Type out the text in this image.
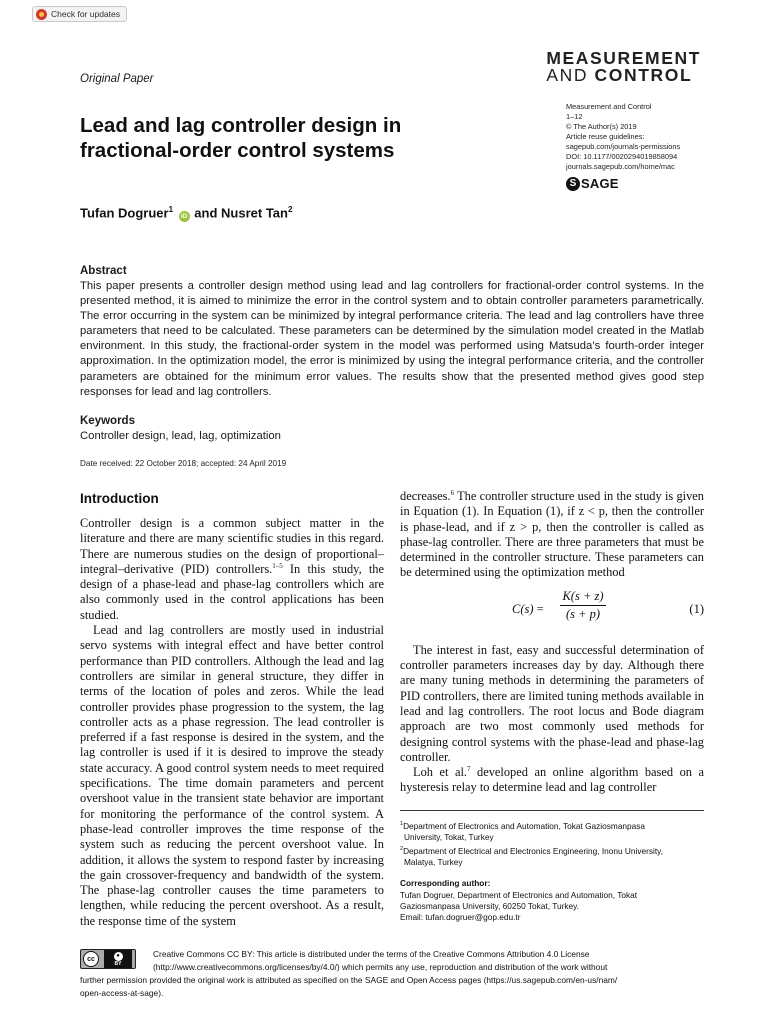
Check for updates
MEASUREMENT
AND CONTROL
Original Paper
Lead and lag controller design in fractional-order control systems
Measurement and Control
1–12
© The Author(s) 2019
Article reuse guidelines:
sagepub.com/journals-permissions
DOI: 10.1177/0020294019858094
journals.sagepub.com/home/mac
S SAGE
Tufan Dogruer$^1$ iD and Nusret Tan$^2$
Abstract

This paper presents a controller design method using lead and lag controllers for fractional-order control systems. In the presented method, it is aimed to minimize the error in the control system and to obtain controller parameters parametrically. The error occurring in the system can be minimized by integral performance criteria. The lead and lag controllers have three parameters that need to be calculated. These parameters can be determined by the simulation model created in the Matlab environment. In this study, the fractional-order system in the model was performed using Matsuda’s fourth-order integer approximation. In the optimization model, the error is minimized by using the integral performance criteria, and the controller parameters are obtained for the minimum error values. The results show that the presented method gives good step responses for lead and lag controllers.

Keywords

Controller design, lead, lag, optimization

Date received: 22 October 2018; accepted: 24 April 2019
Introduction

Controller design is a common subject matter in the literature and there are many scientific studies in this regard. There are numerous studies on the design of proportional–integral–derivative (PID) controllers.$^{1-5}$ In this study, the design of a phase-lead and phase-lag controllers which are also commonly used in the control applications has been studied.

Lead and lag controllers are mostly used in industrial servo systems with integral effect and have better control performance than PID controllers. Although the lead and lag controllers are similar in general structure, they differ in terms of the location of poles and zeros. While the lead controller provides phase progression to the system, the lag controller acts as a phase regression. The lead controller is preferred if a fast response is desired in the system, and the lag controller is used if it is desired to improve the steady state accuracy. A good control system needs to meet required specifications. The time domain parameters and percent overshoot value in the transient state behavior are important for monitoring the performance of the control system. A phase-lead controller improves the time response of the system such as reducing the percent overshoot value. In addition, it allows the system to respond faster by increasing the gain crossover-frequency and bandwidth of the system. The phase-lag controller causes the time parameters to lengthen, while reducing the percent overshoot. As a result, the response time of the system

decreases.$^6$ The controller structure used in the study is given in Equation (1). In Equation (1), if z < p, then the controller is phase-lead, and if z > p, then the controller is called as phase-lag controller. There are three parameters that must be determined in the controller structure. These parameters can be determined using the optimization method

$C(s) = \frac{K(s + z)}{(s + p)}$	(1)

The interest in fast, easy and successful determination of controller parameters increases day by day. Although there are many tuning methods in determining the parameters of PID controllers, there are limited tuning methods available in lead and lag controllers. The root locus and Bode diagram approach are two most commonly used methods for designing control systems with the phase-lead and phase-lag controller.

Loh et al.$^7$ developed an online algorithm based on a hysteresis relay to determine lead and lag controller

$^1$Department of Electronics and Automation, Tokat Gaziosmanpasa
University, Tokat, Turkey
$^2$Department of Electrical and Electronics Engineering, Inonu University,
Malatya, Turkey
Corresponding author:
Tufan Dogruer, Department of Electronics and Automation, Tokat
Gaziosmanpasa University, 60250 Tokat, Turkey.
Email: tufan.dogruer@gop.edu.tr
cc	●
BY
Creative Commons CC BY: This article is distributed under the terms of the Creative Commons Attribution 4.0 License
(http://www.creativecommons.org/licenses/by/4.0/) which permits any use, reproduction and distribution of the work without
further permission provided the original work is attributed as specified on the SAGE and Open Access pages (https://us.sagepub.com/en-us/nam/
open-access-at-sage).
